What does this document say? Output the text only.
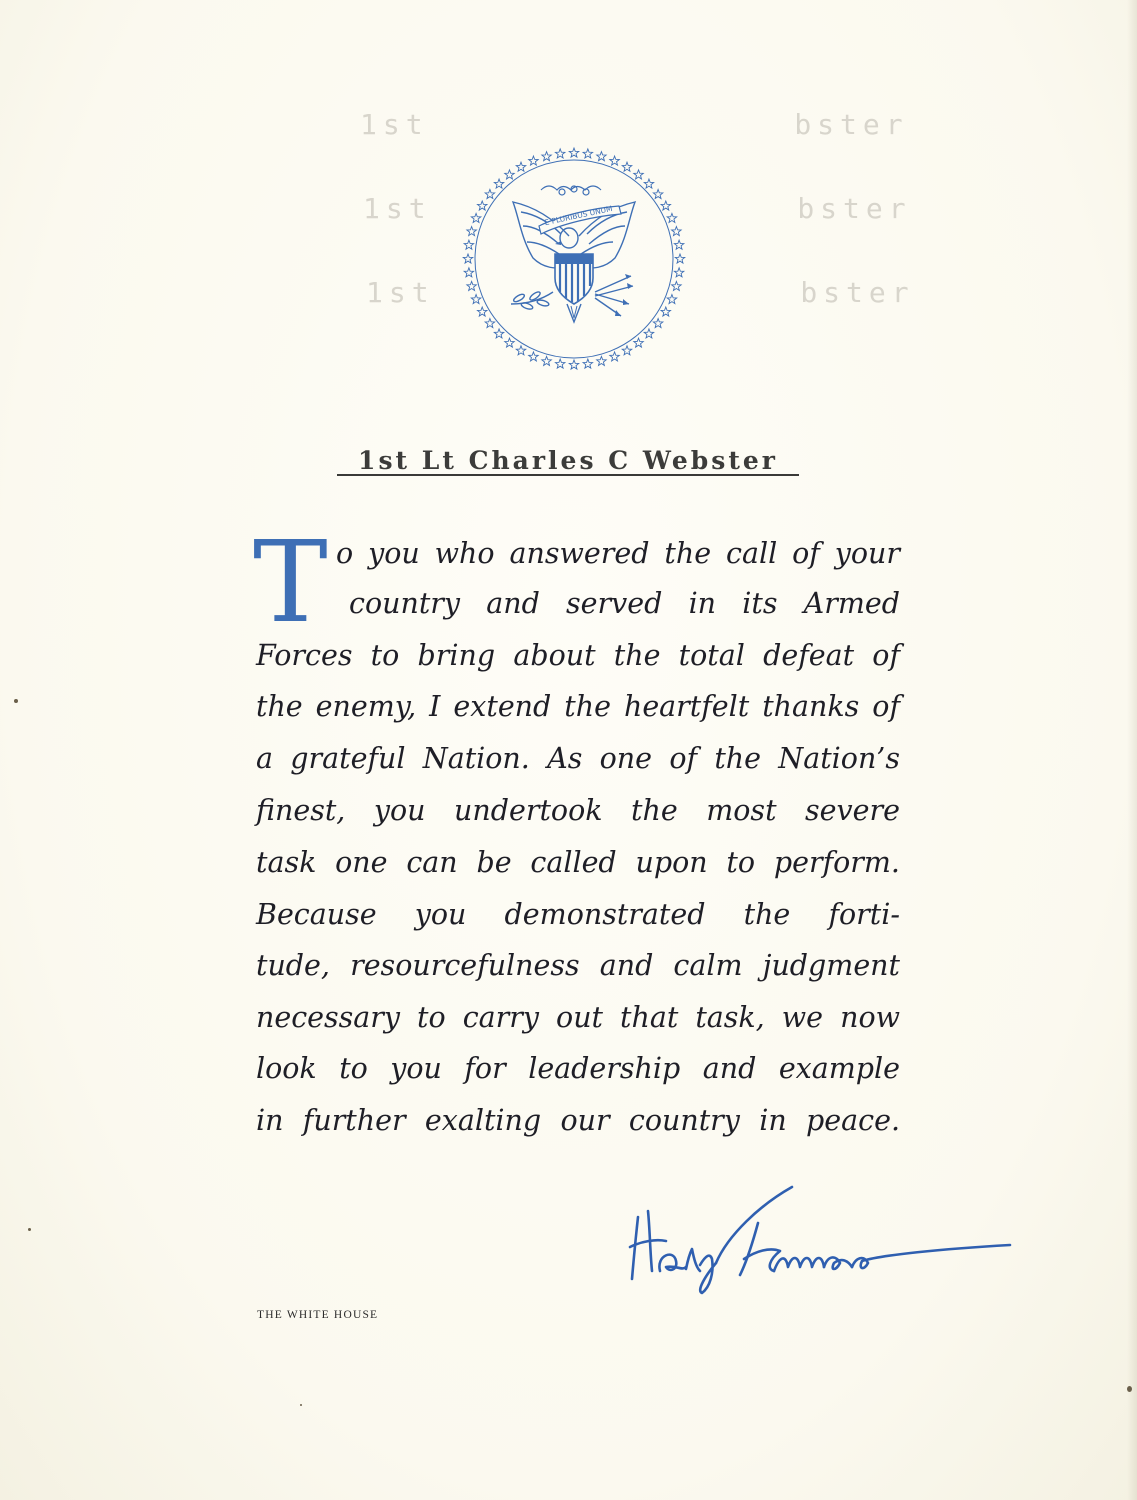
1st	bster
1st	bster
1st	bster
E PLURIBUS UNUM
1st Lt Charles C Webster
T o you who answered the call of your
country and served in its Armed
Forces to bring about the total defeat of
the enemy, I extend the heartfelt thanks of
a grateful Nation. As one of the Nation’s
finest, you undertook the most severe
task one can be called upon to perform.
Because you demonstrated the forti-
tude, resourcefulness and calm judgment
necessary to carry out that task, we now
look to you for leadership and example
in further exalting our country in peace.
THE WHITE HOUSE
